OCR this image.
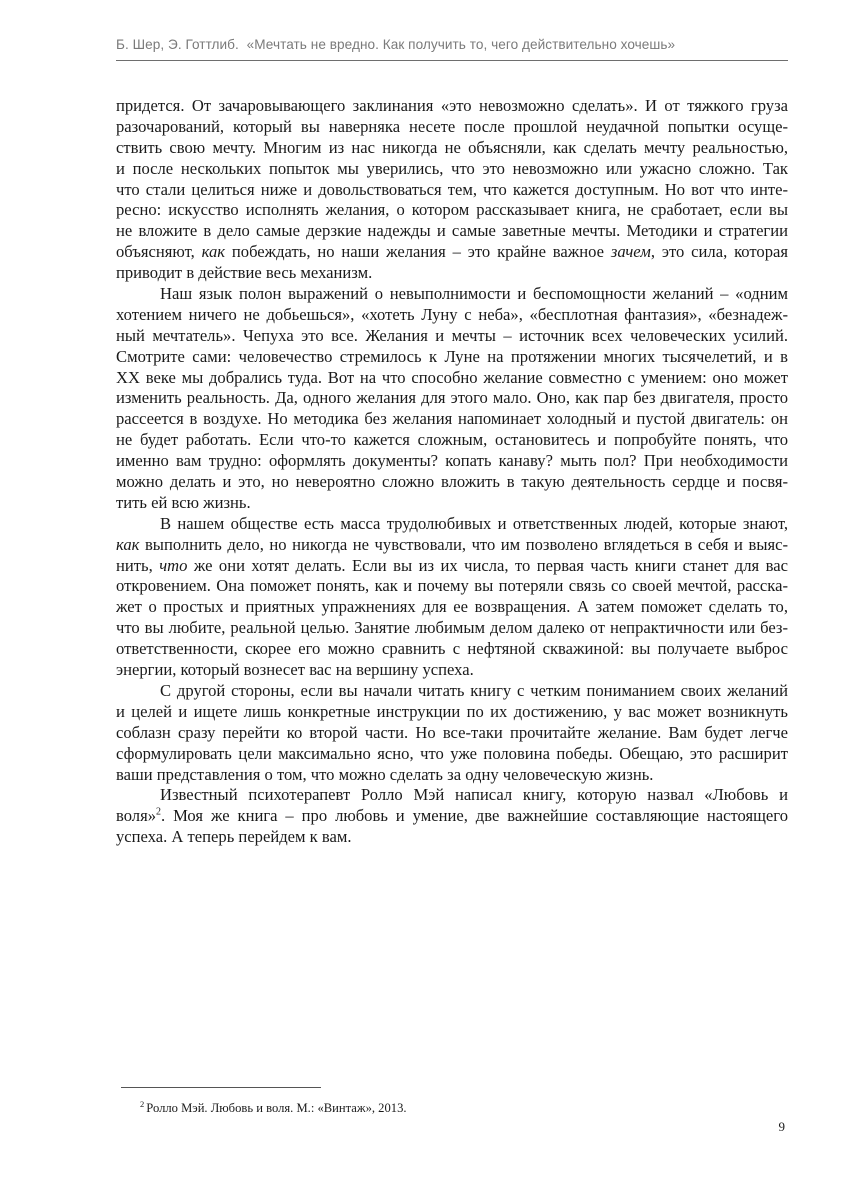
Б. Шер, Э. Готтлиб. «Мечтать не вредно. Как получить то, чего действительно хочешь»
придется. От зачаровывающего заклинания «это невозможно сделать». И от тяжкого груза
разочарований, который вы наверняка несете после прошлой неудачной попытки осуще-
ствить свою мечту. Многим из нас никогда не объясняли, как сделать мечту реальностью,
и после нескольких попыток мы уверились, что это невозможно или ужасно сложно. Так
что стали целиться ниже и довольствоваться тем, что кажется доступным. Но вот что инте-
ресно: искусство исполнять желания, о котором рассказывает книга, не сработает, если вы
не вложите в дело самые дерзкие надежды и самые заветные мечты. Методики и стратегии
объясняют, как побеждать, но наши желания – это крайне важное зачем, это сила, которая
приводит в действие весь механизм.
Наш язык полон выражений о невыполнимости и беспомощности желаний – «одним
хотением ничего не добьешься», «хотеть Луну с неба», «бесплотная фантазия», «безнадеж-
ный мечтатель». Чепуха это все. Желания и мечты – источник всех человеческих усилий.
Смотрите сами: человечество стремилось к Луне на протяжении многих тысячелетий, и в
XX веке мы добрались туда. Вот на что способно желание совместно с умением: оно может
изменить реальность. Да, одного желания для этого мало. Оно, как пар без двигателя, просто
рассеется в воздухе. Но методика без желания напоминает холодный и пустой двигатель: он
не будет работать. Если что-то кажется сложным, остановитесь и попробуйте понять, что
именно вам трудно: оформлять документы? копать канаву? мыть пол? При необходимости
можно делать и это, но невероятно сложно вложить в такую деятельность сердце и посвя-
тить ей всю жизнь.
В нашем обществе есть масса трудолюбивых и ответственных людей, которые знают,
как выполнить дело, но никогда не чувствовали, что им позволено вглядеться в себя и выяс-
нить, что же они хотят делать. Если вы из их числа, то первая часть книги станет для вас
откровением. Она поможет понять, как и почему вы потеряли связь со своей мечтой, расска-
жет о простых и приятных упражнениях для ее возвращения. А затем поможет сделать то,
что вы любите, реальной целью. Занятие любимым делом далеко от непрактичности или без-
ответственности, скорее его можно сравнить с нефтяной скважиной: вы получаете выброс
энергии, который вознесет вас на вершину успеха.
С другой стороны, если вы начали читать книгу с четким пониманием своих желаний
и целей и ищете лишь конкретные инструкции по их достижению, у вас может возникнуть
соблазн сразу перейти ко второй части. Но все-таки прочитайте желание. Вам будет легче
сформулировать цели максимально ясно, что уже половина победы. Обещаю, это расширит
ваши представления о том, что можно сделать за одну человеческую жизнь.
Известный психотерапевт Ролло Мэй написал книгу, которую назвал «Любовь и
воля»$^2$. Моя же книга – про любовь и умение, две важнейшие составляющие настоящего
успеха. А теперь перейдем к вам.
$^2$ Ролло Мэй. Любовь и воля. М.: «Винтаж», 2013.
9
